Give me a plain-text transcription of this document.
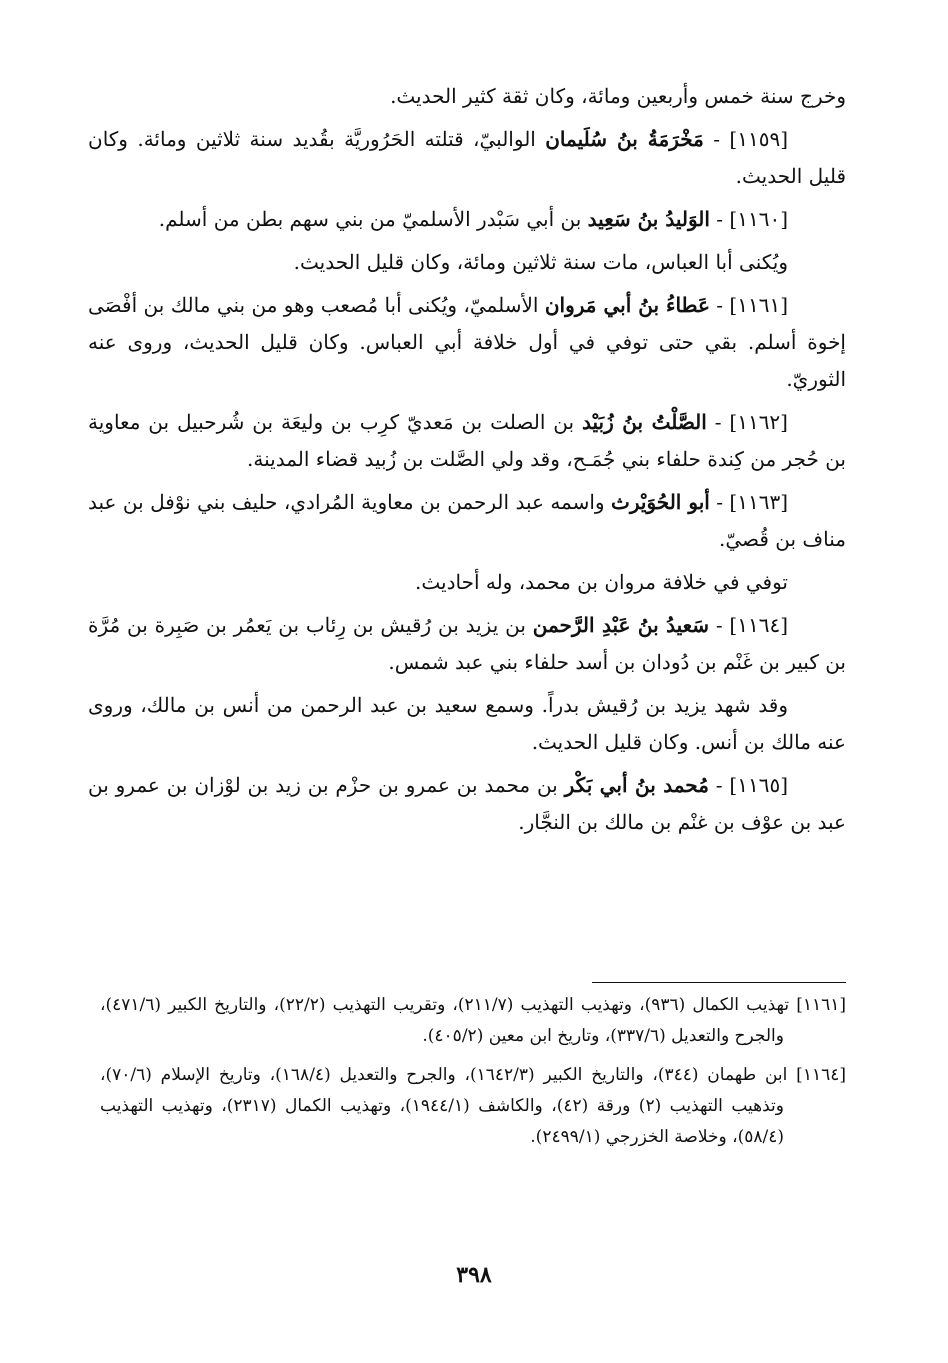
وخرج سنة خمس وأربعين ومائة، وكان ثقة كثير الحديث.

[١١٥٩] - مَخْرَمَةُ بنُ سُلَيمان الوالبيّ، قتلته الحَرُوريَّة بقُديد سنة ثلاثين ومائة. وكان قليل الحديث.

[١١٦٠] - الوَليدُ بنُ سَعِيد بن أبي سَبْدر الأسلميّ من بني سهم بطن من أسلم.

ويُكنى أبا العباس، مات سنة ثلاثين ومائة، وكان قليل الحديث.

[١١٦١] - عَطاءُ بنُ أبي مَروان الأسلميّ، ويُكنى أبا مُصعب وهو من بني مالك بن أفْصَى إخوة أسلم. بقي حتى توفي في أول خلافة أبي العباس. وكان قليل الحديث، وروى عنه الثوريّ.

[١١٦٢] - الصَّلْتُ بنُ زُبَيْد بن الصلت بن مَعديّ كرِب بن وليعَة بن شُرحبيل بن معاوية بن حُجر من كِندة حلفاء بني جُمَـح، وقد ولي الصَّلت بن زُبيد قضاء المدينة.

[١١٦٣] - أبو الحُوَيْرث واسمه عبد الرحمن بن معاوية المُرادي، حليف بني نوْفل بن عبد مناف بن قُصيّ.

توفي في خلافة مروان بن محمد، وله أحاديث.

[١١٦٤] - سَعيدُ بنُ عَبْدِ الرَّحمن بن يزيد بن رُقيش بن رِئاب بن يَعمُر بن صَبِرة بن مُرَّة بن كبير بن غَنْم بن دُودان بن أسد حلفاء بني عبد شمس.

وقد شهد يزيد بن رُقيش بدراً. وسمع سعيد بن عبد الرحمن من أنس بن مالك، وروى عنه مالك بن أنس. وكان قليل الحديث.

[١١٦٥] - مُحمد بنُ أبي بَكْر بن محمد بن عمرو بن حزْم بن زيد بن لوْزان بن عمرو بن عبد بن عوْف بن غنْم بن مالك بن النجَّار.

[١١٦١] تهذيب الكمال (٩٣٦)، وتهذيب التهذيب (٢١١/٧)، وتقريب التهذيب (٢٢/٢)، والتاريخ الكبير (٤٧١/٦)، والجرح والتعديل (٣٣٧/٦)، وتاريخ ابن معين (٤٠٥/٢).

[١١٦٤] ابن طهمان (٣٤٤)، والتاريخ الكبير (١٦٤٢/٣)، والجرح والتعديل (١٦٨/٤)، وتاريخ الإسلام (٧٠/٦)، وتذهيب التهذيب (٢) ورقة (٤٢)، والكاشف (١٩٤٤/١)، وتهذيب الكمال (٢٣١٧)، وتهذيب التهذيب (٥٨/٤)، وخلاصة الخزرجي (٢٤٩٩/١).

٣٩٨
